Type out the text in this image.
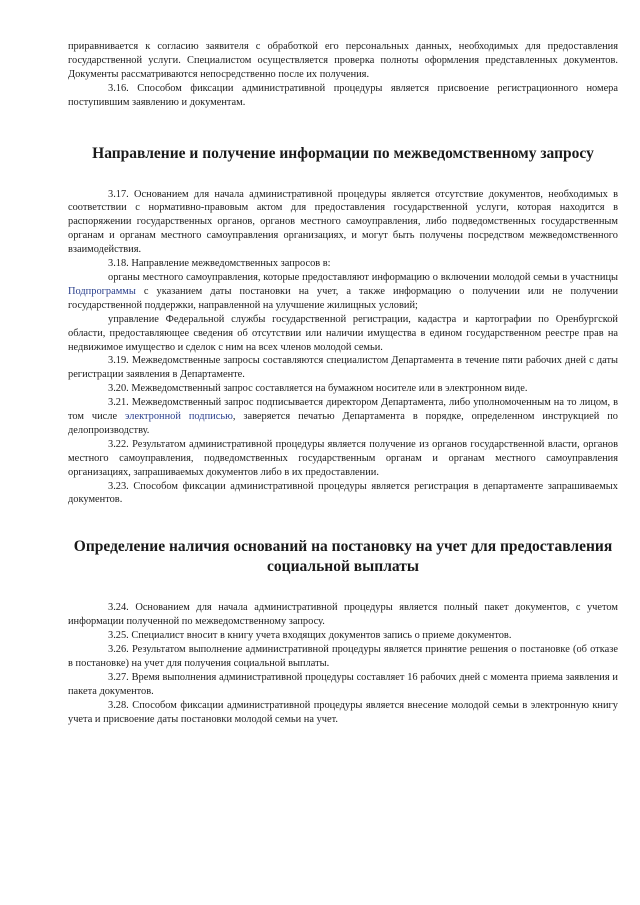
приравнивается к согласию заявителя с обработкой его персональных данных, необходимых для предоставления государственной услуги. Специалистом осуществляется проверка полноты оформления представленных документов. Документы рассматриваются непосредственно после их получения.

3.16. Способом фиксации административной процедуры является присвоение регистрационного номера поступившим заявлению и документам.

Направление и получение информации по межведомственному запросу

3.17. Основанием для начала административной процедуры является отсутствие документов, необходимых в соответствии с нормативно-правовым актом для предоставления государственной услуги, которая находится в распоряжении государственных органов, органов местного самоуправления, либо подведомственных государственным органам и органам местного самоуправления организациях, и могут быть получены посредством межведомственного взаимодействия.

3.18. Направление межведомственных запросов в:

органы местного самоуправления, которые предоставляют информацию о включении молодой семьи в участницы Подпрограммы с указанием даты постановки на учет, а также информацию о получении или не получении государственной поддержки, направленной на улучшение жилищных условий;

управление Федеральной службы государственной регистрации, кадастра и картографии по Оренбургской области, предоставляющее сведения об отсутствии или наличии имущества в едином государственном реестре прав на недвижимое имущество и сделок с ним на всех членов молодой семьи.

3.19. Межведомственные запросы составляются специалистом Департамента в течение пяти рабочих дней с даты регистрации заявления в Департаменте.

3.20. Межведомственный запрос составляется на бумажном носителе или в электронном виде.

3.21. Межведомственный запрос подписывается директором Департамента, либо уполномоченным на то лицом, в том числе электронной подписью, заверяется печатью Департамента в порядке, определенном инструкцией по делопроизводству.

3.22. Результатом административной процедуры является получение из органов государственной власти, органов местного самоуправления, подведомственных государственным органам и органам местного самоуправления организациях, запрашиваемых документов либо в их предоставлении.

3.23. Способом фиксации административной процедуры является регистрация в департаменте запрашиваемых документов.

Определение наличия оснований на постановку на учет для предоставления социальной выплаты

3.24. Основанием для начала административной процедуры является полный пакет документов, с учетом информации полученной по межведомственному запросу.

3.25. Специалист вносит в книгу учета входящих документов запись о приеме документов.

3.26. Результатом выполнение административной процедуры является принятие решения о постановке (об отказе в постановке) на учет для получения социальной выплаты.

3.27. Время выполнения административной процедуры составляет 16 рабочих дней с момента приема заявления и пакета документов.

3.28. Способом фиксации административной процедуры является внесение молодой семьи в электронную книгу учета и присвоение даты постановки молодой семьи на учет.
